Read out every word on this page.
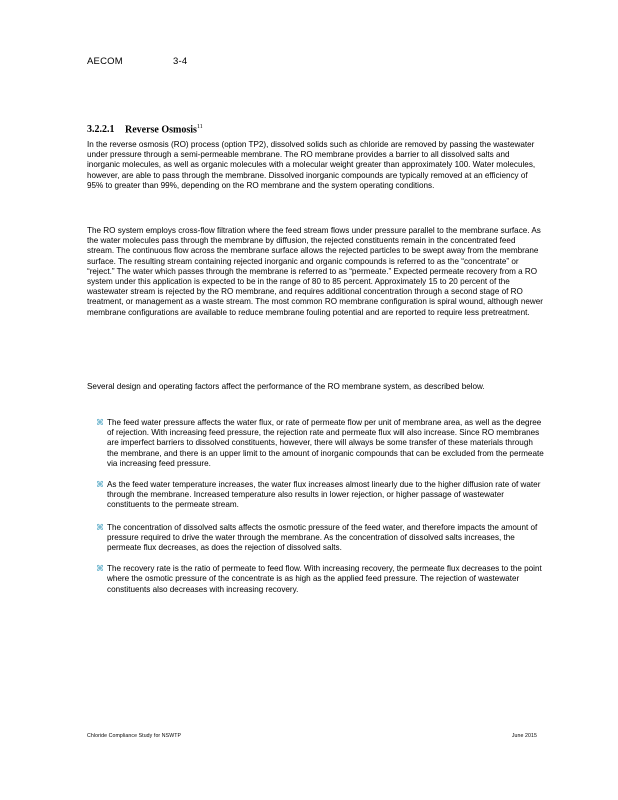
AECOM	3-4
3.2.2.1 Reverse Osmosis$^{11}$
In the reverse osmosis (RO) process (option TP2), dissolved solids such as chloride are removed by passing the wastewater under pressure through a semi-permeable membrane. The RO membrane provides a barrier to all dissolved salts and inorganic molecules, as well as organic molecules with a molecular weight greater than approximately 100. Water molecules, however, are able to pass through the membrane. Dissolved inorganic compounds are typically removed at an efficiency of 95% to greater than 99%, depending on the RO membrane and the system operating conditions.
The RO system employs cross-flow filtration where the feed stream flows under pressure parallel to the membrane surface. As the water molecules pass through the membrane by diffusion, the rejected constituents remain in the concentrated feed stream. The continuous flow across the membrane surface allows the rejected particles to be swept away from the membrane surface. The resulting stream containing rejected inorganic and organic compounds is referred to as the “concentrate” or “reject.” The water which passes through the membrane is referred to as “permeate.” Expected permeate recovery from a RO system under this application is expected to be in the range of 80 to 85 percent. Approximately 15 to 20 percent of the wastewater stream is rejected by the RO membrane, and requires additional concentration through a second stage of RO treatment, or management as a waste stream. The most common RO membrane configuration is spiral wound, although newer membrane configurations are available to reduce membrane fouling potential and are reported to require less pretreatment.
Several design and operating factors affect the performance of the RO membrane system, as described below.
⌘ The feed water pressure affects the water flux, or rate of permeate flow per unit of membrane area, as well as the degree of rejection. With increasing feed pressure, the rejection rate and permeate flux will also increase. Since RO membranes are imperfect barriers to dissolved constituents, however, there will always be some transfer of these materials through the membrane, and there is an upper limit to the amount of inorganic compounds that can be excluded from the permeate via increasing feed pressure.
⌘ As the feed water temperature increases, the water flux increases almost linearly due to the higher diffusion rate of water through the membrane. Increased temperature also results in lower rejection, or higher passage of wastewater constituents to the permeate stream.
⌘ The concentration of dissolved salts affects the osmotic pressure of the feed water, and therefore impacts the amount of pressure required to drive the water through the membrane. As the concentration of dissolved salts increases, the permeate flux decreases, as does the rejection of dissolved salts.
⌘ The recovery rate is the ratio of permeate to feed flow. With increasing recovery, the permeate flux decreases to the point where the osmotic pressure of the concentrate is as high as the applied feed pressure. The rejection of wastewater constituents also decreases with increasing recovery.
Chloride Compliance Study for NSWTP	June 2015
